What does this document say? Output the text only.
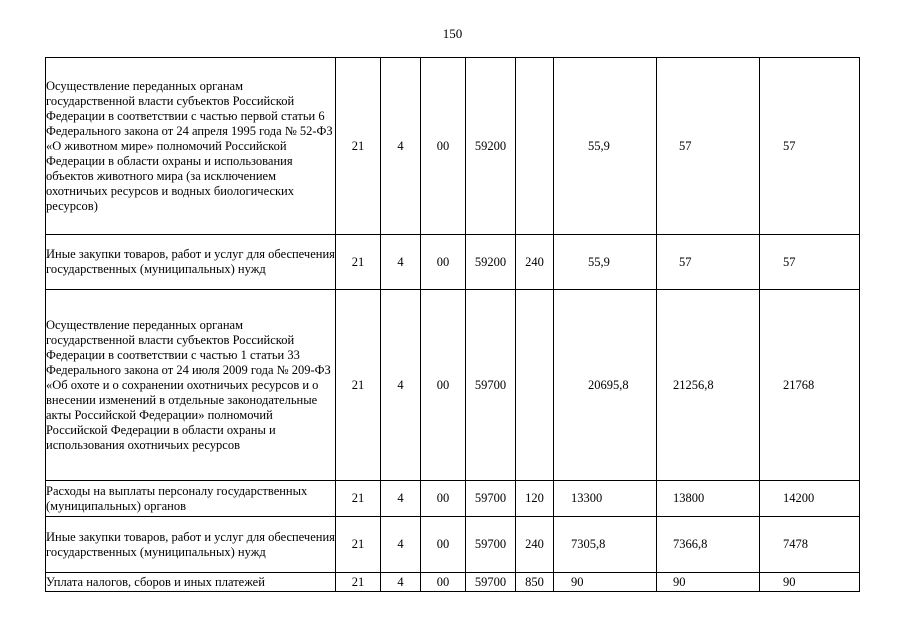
150
Осуществление переданных органам государственной власти субъектов Российской Федерации в соответствии с частью первой статьи 6 Федерального закона от 24 апреля 1995 года № 52-ФЗ «О животном мире» полномочий Российской Федерации в области охраны и использования объектов животного мира (за исключением охотничьих ресурсов и водных биологических ресурсов)	21	4	00	59200		55,9	57	57
Иные закупки товаров, работ и услуг для обеспечения государственных (муниципальных) нужд	21	4	00	59200	240	55,9	57	57
Осуществление переданных органам государственной власти субъектов Российской Федерации в соответствии с частью 1 статьи 33 Федерального закона от 24 июля 2009 года № 209-ФЗ «Об охоте и о сохранении охотничьих ресурсов и о внесении изменений в отдельные законодательные акты Российской Федерации» полномочий Российской Федерации в области охраны и использования охотничьих ресурсов	21	4	00	59700		20695,8	21256,8	21768
Расходы на выплаты персоналу государственных (муниципальных) органов	21	4	00	59700	120	13300	13800	14200
Иные закупки товаров, работ и услуг для обеспечения государственных (муниципальных) нужд	21	4	00	59700	240	7305,8	7366,8	7478
Уплата налогов, сборов и иных платежей	21	4	00	59700	850	90	90	90
